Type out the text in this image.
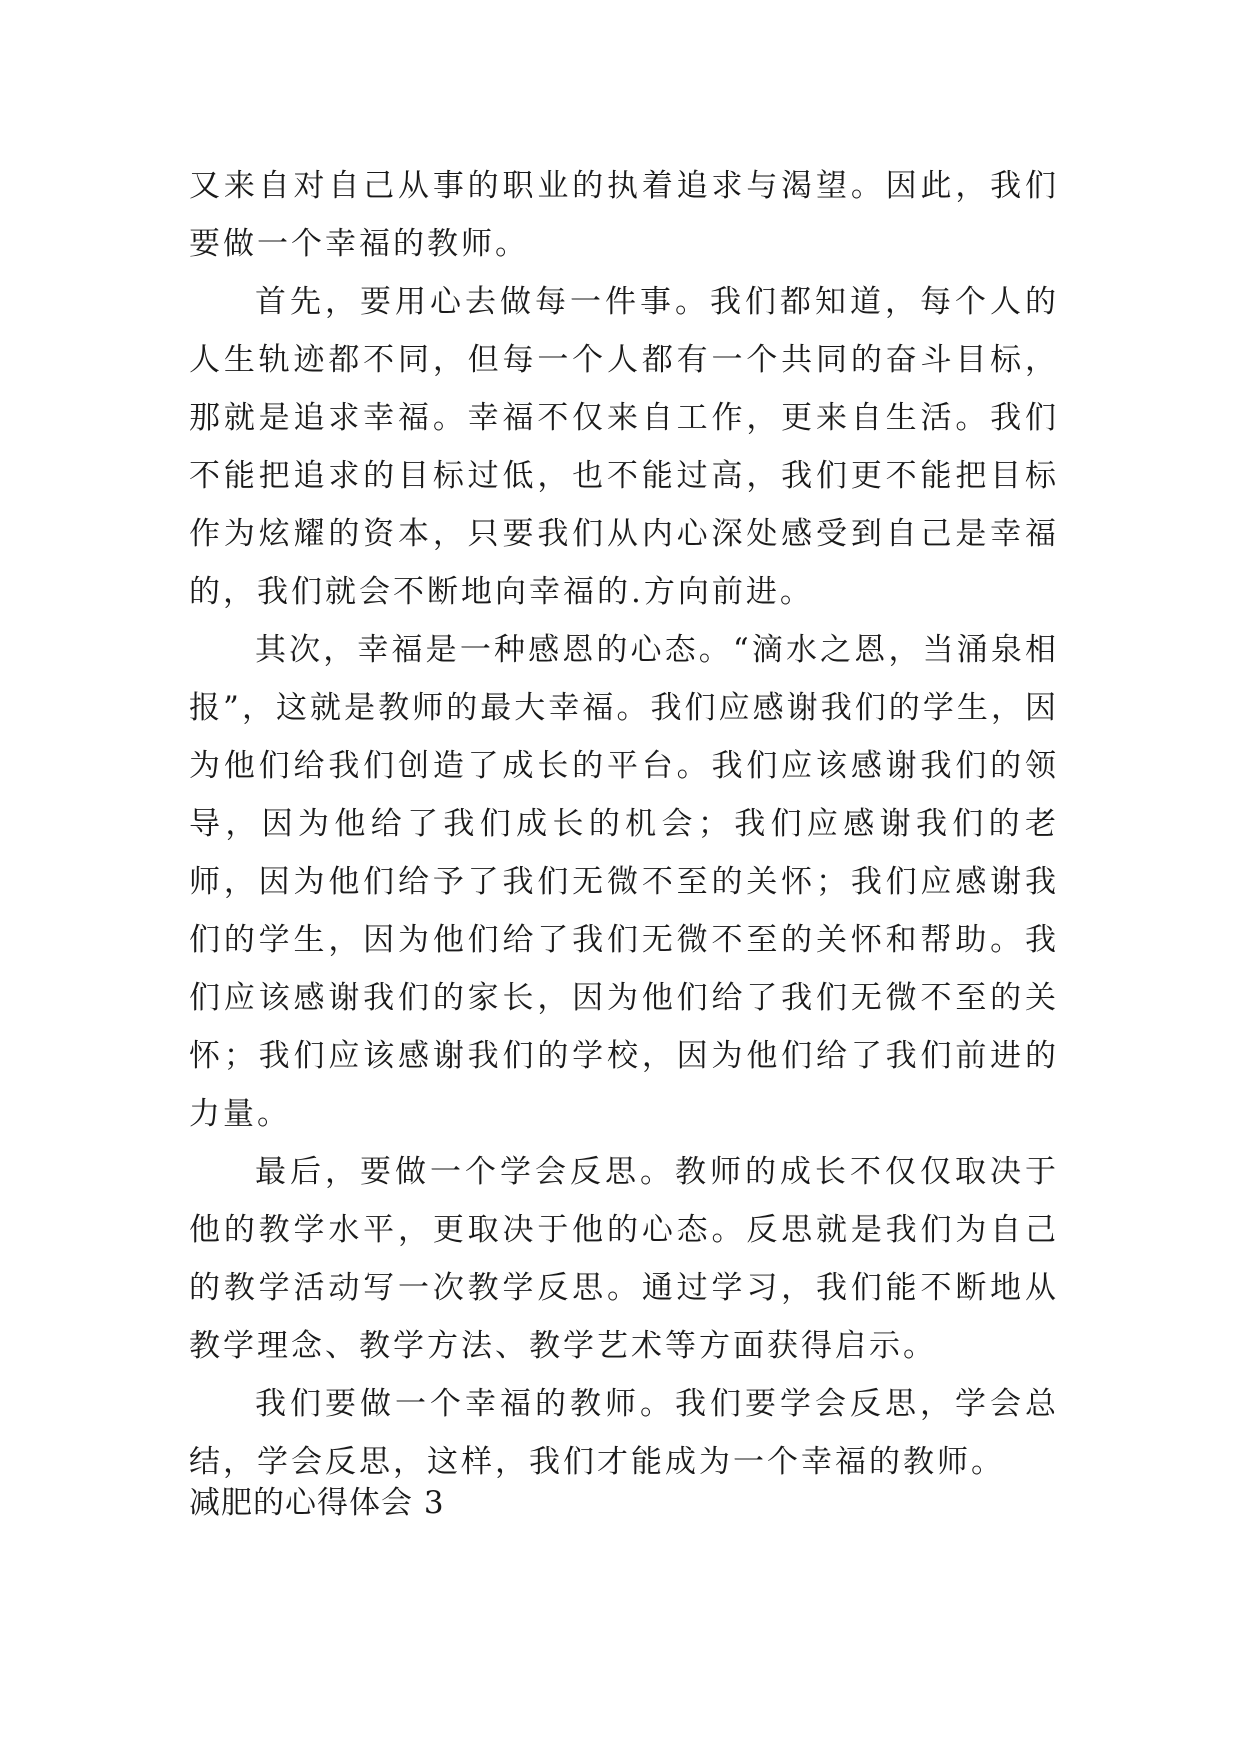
又来自对自己从事的职业的执着追求与渴望。因此，我们要做一个幸福的教师。

首先，要用心去做每一件事。我们都知道，每个人的人生轨迹都不同，但每一个人都有一个共同的奋斗目标，那就是追求幸福。幸福不仅来自工作，更来自生活。我们不能把追求的目标过低，也不能过高，我们更不能把目标作为炫耀的资本，只要我们从内心深处感受到自己是幸福的，我们就会不断地向幸福的.方向前进。

其次，幸福是一种感恩的心态。“滴水之恩，当涌泉相报”，这就是教师的最大幸福。我们应感谢我们的学生，因为他们给我们创造了成长的平台。我们应该感谢我们的领导，因为他给了我们成长的机会；我们应感谢我们的老师，因为他们给予了我们无微不至的关怀；我们应感谢我们的学生，因为他们给了我们无微不至的关怀和帮助。我们应该感谢我们的家长，因为他们给了我们无微不至的关怀；我们应该感谢我们的学校，因为他们给了我们前进的力量。

最后，要做一个学会反思。教师的成长不仅仅取决于他的教学水平，更取决于他的心态。反思就是我们为自己的教学活动写一次教学反思。通过学习，我们能不断地从教学理念、教学方法、教学艺术等方面获得启示。

我们要做一个幸福的教师。我们要学会反思，学会总结，学会反思，这样，我们才能成为一个幸福的教师。

减肥的心得体会 3
